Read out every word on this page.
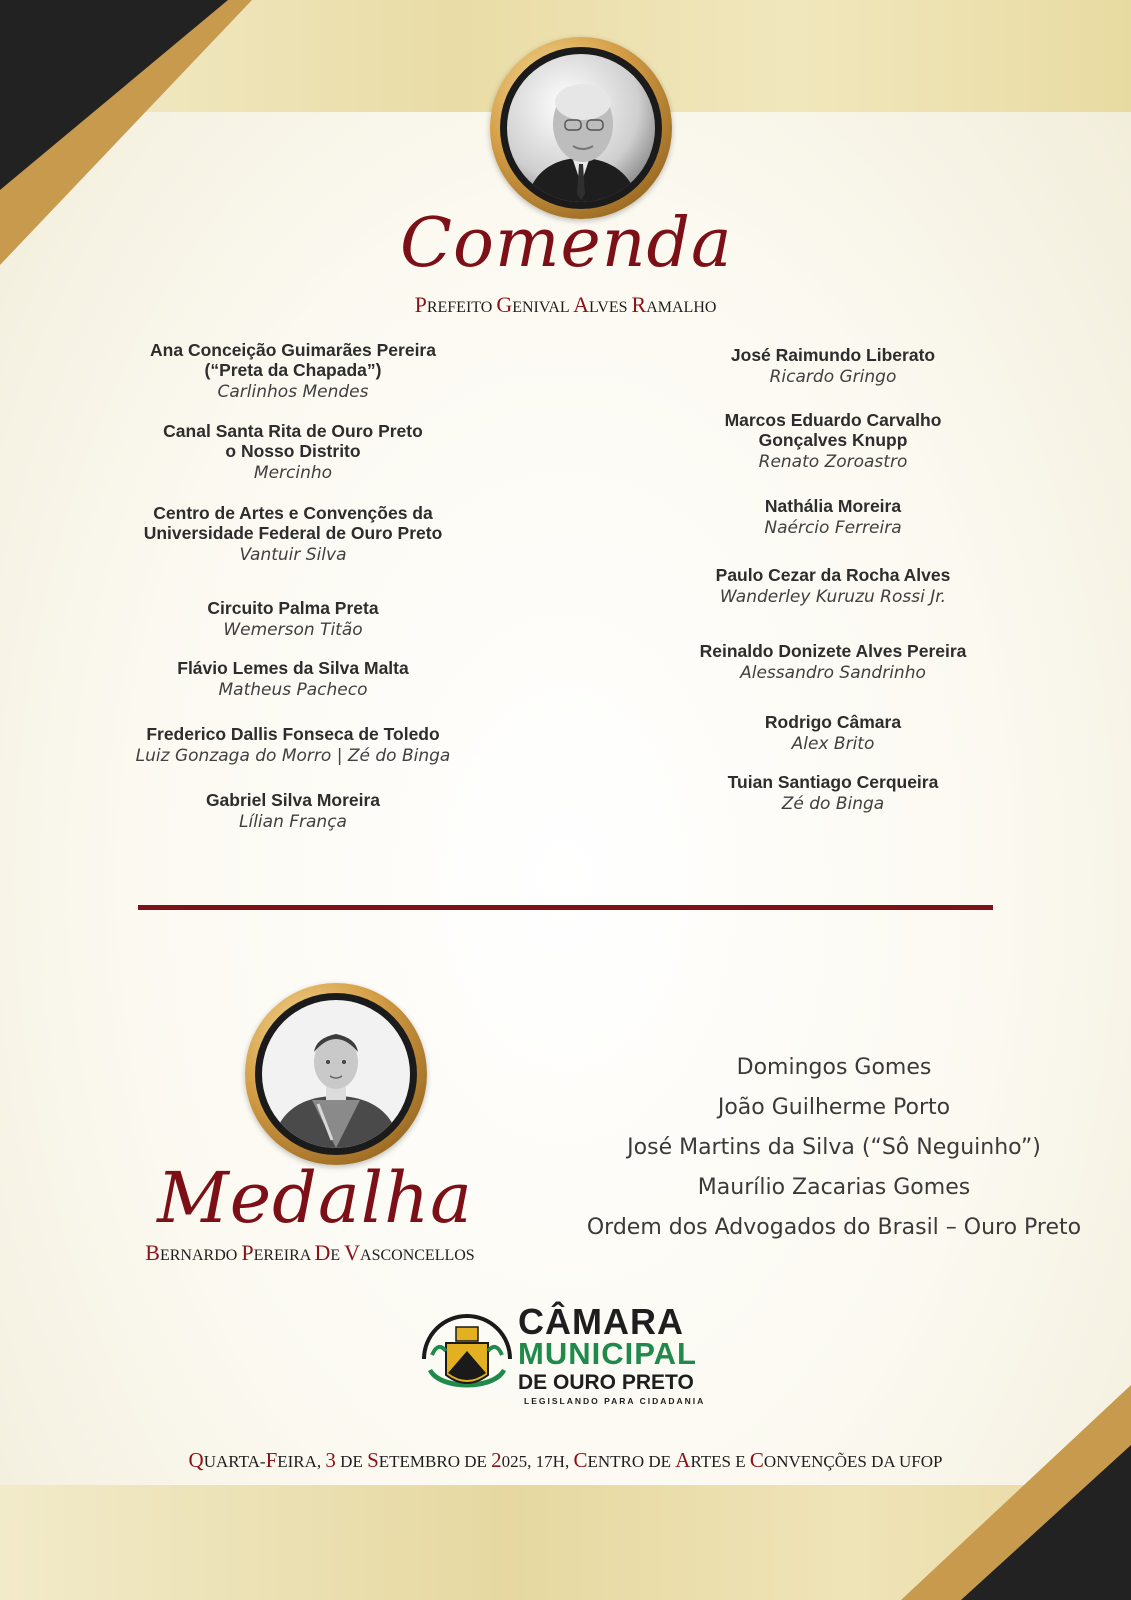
Comenda
PREFEITO GENIVAL ALVES RAMALHO
Ana Conceição Guimarães Pereira
(“Preta da Chapada”)
Carlinhos Mendes
Canal Santa Rita de Ouro Preto
o Nosso Distrito
Mercinho
Centro de Artes e Convenções da
Universidade Federal de Ouro Preto
Vantuir Silva
Circuito Palma Preta
Wemerson Titão
Flávio Lemes da Silva Malta
Matheus Pacheco
Frederico Dallis Fonseca de Toledo
Luiz Gonzaga do Morro | Zé do Binga
Gabriel Silva Moreira
Lílian França
José Raimundo Liberato
Ricardo Gringo
Marcos Eduardo Carvalho
Gonçalves Knupp
Renato Zoroastro
Nathália Moreira
Naércio Ferreira
Paulo Cezar da Rocha Alves
Wanderley Kuruzu Rossi Jr.
Reinaldo Donizete Alves Pereira
Alessandro Sandrinho
Rodrigo Câmara
Alex Brito
Tuian Santiago Cerqueira
Zé do Binga
Medalha
BERNARDO PEREIRA DE VASCONCELLOS
Domingos Gomes
João Guilherme Porto
José Martins da Silva (“Sô Neguinho”)
Maurílio Zacarias Gomes
Ordem dos Advogados do Brasil – Ouro Preto
CÂMARA
MUNICIPAL
DE OURO PRETO
LEGISLANDO PARA CIDADANIA
QUARTA-FEIRA, 3 DE SETEMBRO DE 2025, 17H, CENTRO DE ARTES E CONVENÇÕES DA UFOP
